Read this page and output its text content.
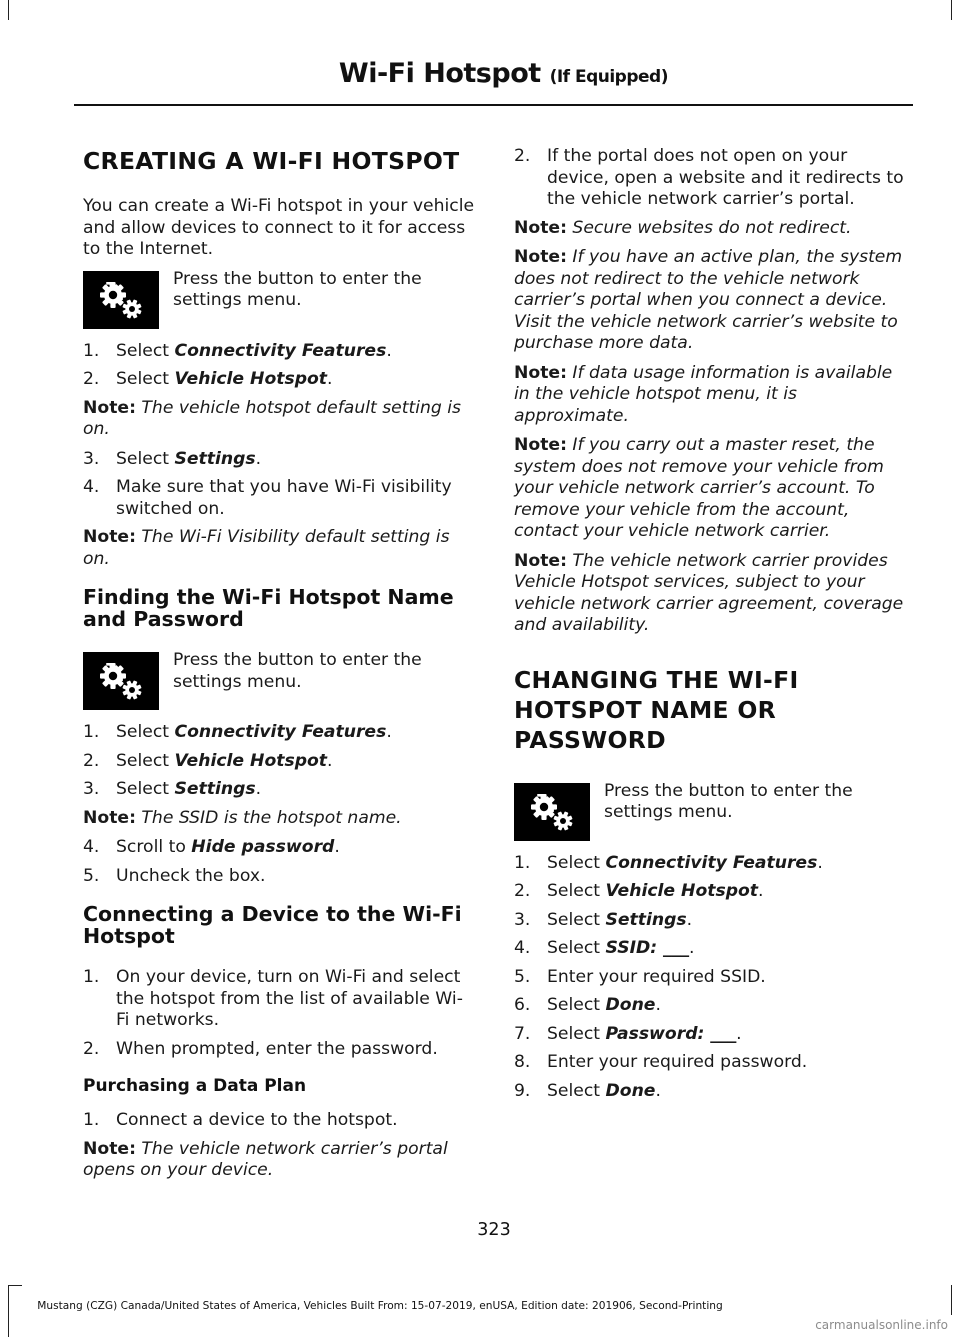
Wi-Fi Hotspot (If Equipped)
CREATING A WI-FI HOTSPOT

You can create a Wi-Fi hotspot in your vehicle and allow devices to connect to it for access to the Internet.

Press the button to enter the settings menu.
1. Select Connectivity Features.
2. Select Vehicle Hotspot.

Note: The vehicle hotspot default setting is on.

3. Select Settings.
4. Make sure that you have Wi-Fi visibility switched on.

Note: The Wi-Fi Visibility default setting is on.

Finding the Wi-Fi Hotspot Name and Password
Press the button to enter the settings menu.
1. Select Connectivity Features.
2. Select Vehicle Hotspot.
3. Select Settings.

Note: The SSID is the hotspot name.

4. Scroll to Hide password.
5. Uncheck the box.
Connecting a Device to the Wi-Fi Hotspot
1. On your device, turn on Wi-Fi and select the hotspot from the list of available Wi-Fi networks.
2. When prompted, enter the password.
Purchasing a Data Plan
1. Connect a device to the hotspot.

Note: The vehicle network carrier’s portal opens on your device.

2. If the portal does not open on your device, open a website and it redirects to the vehicle network carrier’s portal.

Note: Secure websites do not redirect.

Note: If you have an active plan, the system does not redirect to the vehicle network carrier’s portal when you connect a device. Visit the vehicle network carrier’s website to purchase more data.

Note: If data usage information is available in the vehicle hotspot menu, it is approximate.

Note: If you carry out a master reset, the system does not remove your vehicle from your vehicle network carrier’s account. To remove your vehicle from the account, contact your vehicle network carrier.

Note: The vehicle network carrier provides Vehicle Hotspot services, subject to your vehicle network carrier agreement, coverage and availability.

CHANGING THE WI-FI
HOTSPOT NAME OR
PASSWORD
Press the button to enter the settings menu.
1. Select Connectivity Features.
2. Select Vehicle Hotspot.
3. Select Settings.
4. Select SSID: ___.
5. Enter your required SSID.
6. Select Done.
7. Select Password: ___.
8. Enter your required password.
9. Select Done.
323
Mustang (CZG) Canada/United States of America, Vehicles Built From: 15-07-2019, enUSA, Edition date: 201906, Second-Printing
carmanualsonline.info
